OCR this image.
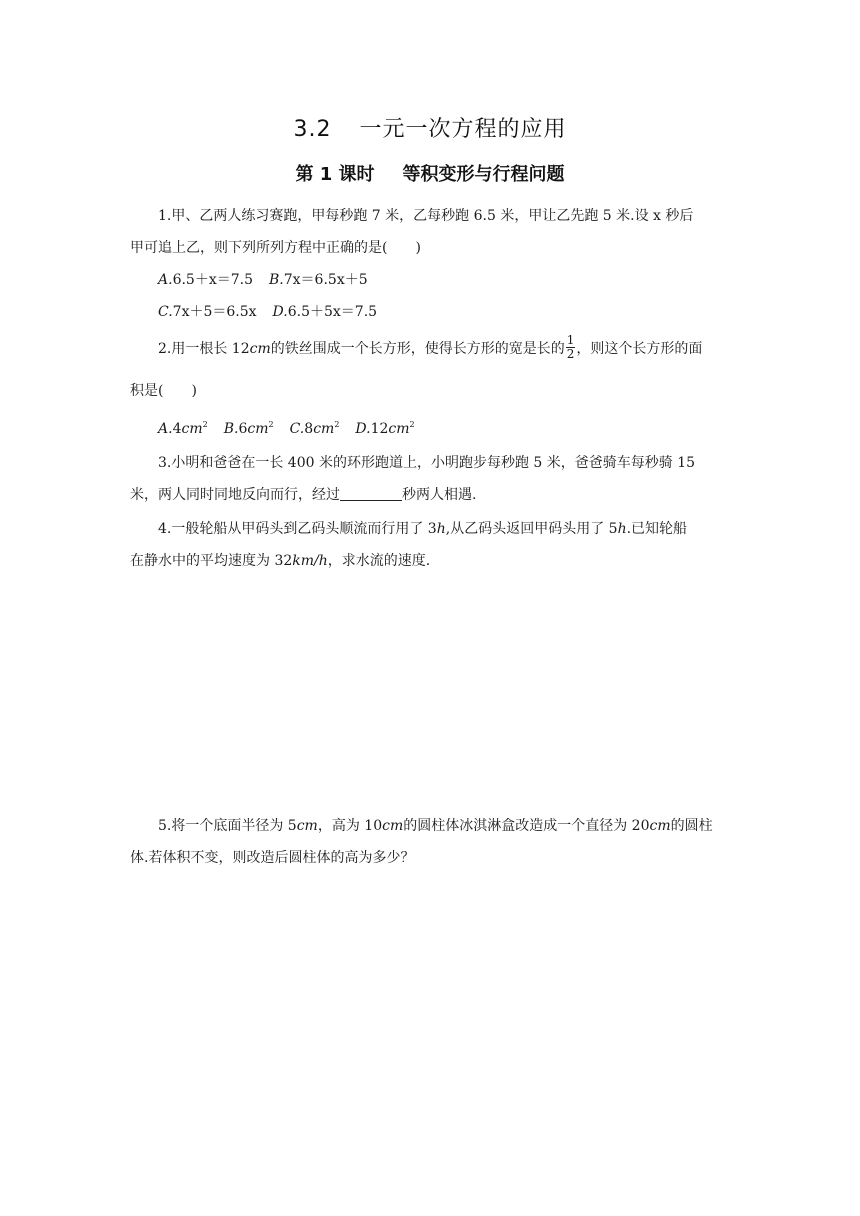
3.2 一元一次方程的应用
第 1 课时 等积变形与行程问题
1.甲、乙两人练习赛跑，甲每秒跑 7 米，乙每秒跑 6.5 米，甲让乙先跑 5 米.设 x 秒后
甲可追上乙，则下列所列方程中正确的是(　　)
A.6.5＋x＝7.5 B.7x＝6.5x＋5
C.7x＋5＝6.5x D.6.5＋5x＝7.5
2.用一根长 12cm的铁丝围成一个长方形，使得长方形的宽是长的 $\frac{1}{2}$ ，则这个长方形的面
积是(　　)
$A.4cm^2$ $B.6cm^2$ $C.8cm^2$ $D.12cm^2$
3.小明和爸爸在一长 400 米的环形跑道上，小明跑步每秒跑 5 米，爸爸骑车每秒骑 15
米，两人同时同地反向而行，经过	秒两人相遇.
4.一般轮船从甲码头到乙码头顺流而行用了 3h,从乙码头返回甲码头用了 5h.已知轮船
在静水中的平均速度为 32km/h，求水流的速度.
5.将一个底面半径为 5cm，高为 10cm的圆柱体冰淇淋盒改造成一个直径为 20cm的圆柱
体.若体积不变，则改造后圆柱体的高为多少？
